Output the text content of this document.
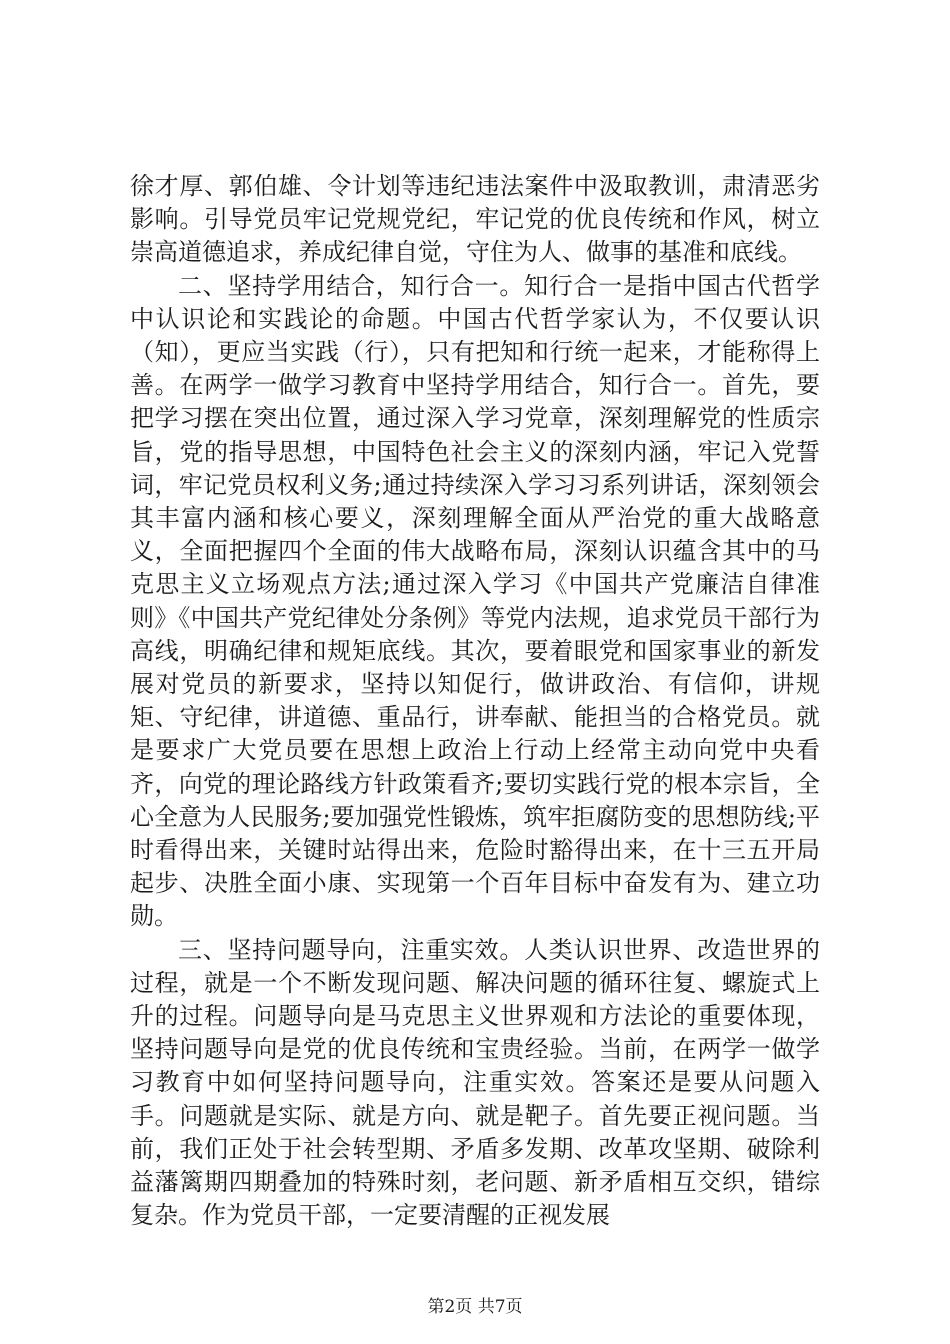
徐才厚、郭伯雄、令计划等违纪违法案件中汲取教训，肃清恶劣影响。引导党员牢记党规党纪，牢记党的优良传统和作风，树立崇高道德追求，养成纪律自觉，守住为人、做事的基准和底线。

二、坚持学用结合，知行合一。知行合一是指中国古代哲学中认识论和实践论的命题。中国古代哲学家认为，不仅要认识（知），更应当实践（行），只有把知和行统一起来，才能称得上善。在两学一做学习教育中坚持学用结合，知行合一。首先，要把学习摆在突出位置，通过深入学习党章，深刻理解党的性质宗旨，党的指导思想，中国特色社会主义的深刻内涵，牢记入党誓词，牢记党员权利义务;通过持续深入学习习系列讲话，深刻领会其丰富内涵和核心要义，深刻理解全面从严治党的重大战略意义，全面把握四个全面的伟大战略布局，深刻认识蕴含其中的马克思主义立场观点方法;通过深入学习《中国共产党廉洁自律准则》《中国共产党纪律处分条例》等党内法规，追求党员干部行为高线，明确纪律和规矩底线。其次，要着眼党和国家事业的新发展对党员的新要求，坚持以知促行，做讲政治、有信仰，讲规矩、守纪律，讲道德、重品行，讲奉献、能担当的合格党员。就是要求广大党员要在思想上政治上行动上经常主动向党中央看齐，向党的理论路线方针政策看齐;要切实践行党的根本宗旨，全心全意为人民服务;要加强党性锻炼，筑牢拒腐防变的思想防线;平时看得出来，关键时站得出来，危险时豁得出来，在十三五开局起步、决胜全面小康、实现第一个百年目标中奋发有为、建立功勋。

三、坚持问题导向，注重实效。人类认识世界、改造世界的过程，就是一个不断发现问题、解决问题的循环往复、螺旋式上升的过程。问题导向是马克思主义世界观和方法论的重要体现，坚持问题导向是党的优良传统和宝贵经验。当前，在两学一做学习教育中如何坚持问题导向，注重实效。答案还是要从问题入手。问题就是实际、就是方向、就是靶子。首先要正视问题。当前，我们正处于社会转型期、矛盾多发期、改革攻坚期、破除利益藩篱期四期叠加的特殊时刻，老问题、新矛盾相互交织，错综复杂。作为党员干部，一定要清醒的正视发展

第2页 共7页
